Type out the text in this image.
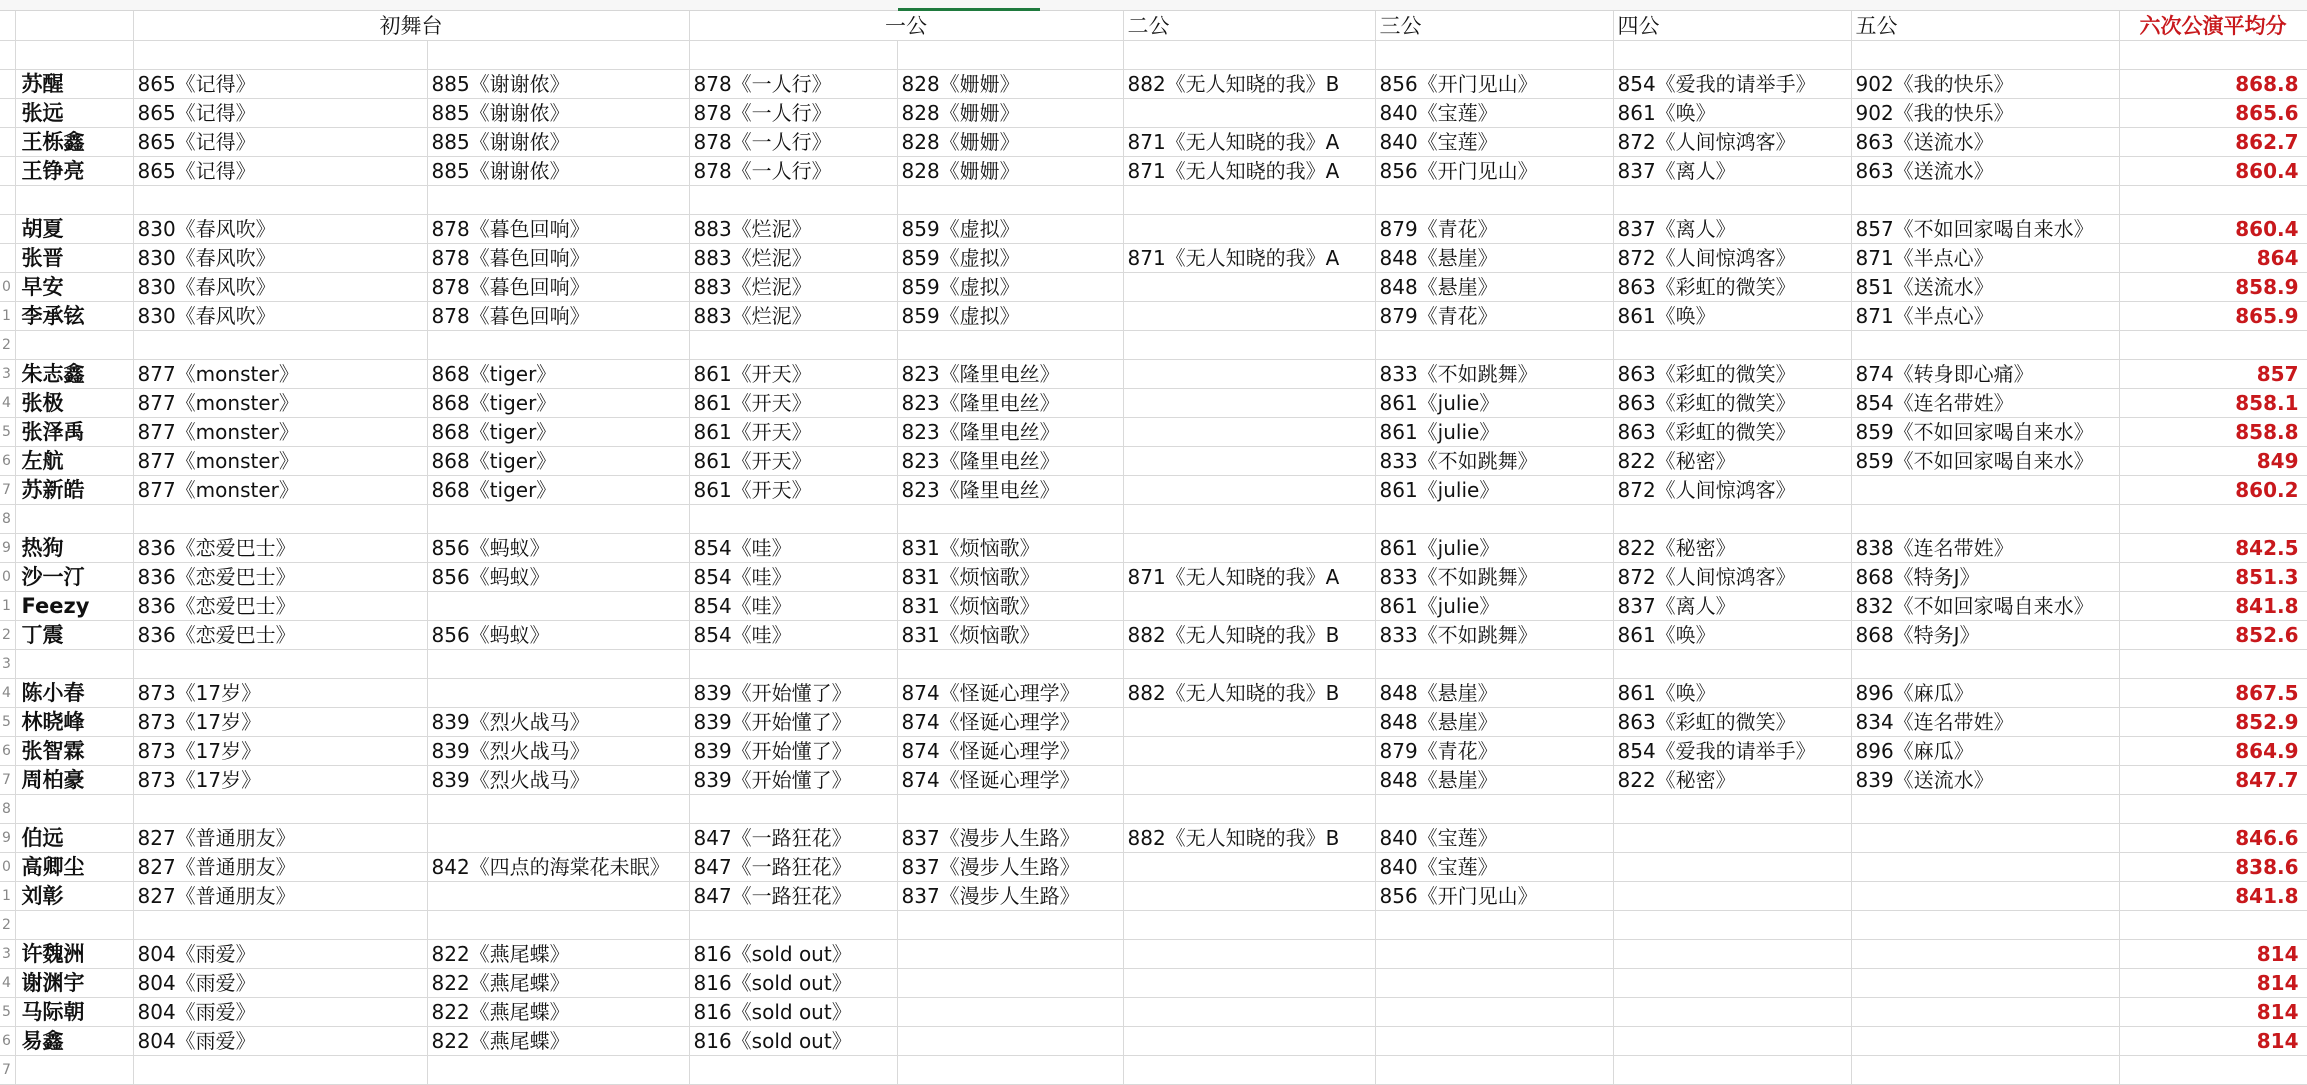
		初舞台		一公		二公	三公	四公	五公	六次公演平均分

	苏醒	865《记得》	885《谢谢侬》	878《一人行》	828《姗姗》	882《无人知晓的我》B	856《开门见山》	854《爱我的请举手》	902《我的快乐》	868.8
	张远	865《记得》	885《谢谢侬》	878《一人行》	828《姗姗》		840《宝莲》	861《唤》	902《我的快乐》	865.6
	王栎鑫	865《记得》	885《谢谢侬》	878《一人行》	828《姗姗》	871《无人知晓的我》A	840《宝莲》	872《人间惊鸿客》	863《送流水》	862.7
	王铮亮	865《记得》	885《谢谢侬》	878《一人行》	828《姗姗》	871《无人知晓的我》A	856《开门见山》	837《离人》	863《送流水》	860.4

	胡夏	830《春风吹》	878《暮色回响》	883《烂泥》	859《虚拟》		879《青花》	837《离人》	857《不如回家喝自来水》	860.4
	张晋	830《春风吹》	878《暮色回响》	883《烂泥》	859《虚拟》	871《无人知晓的我》A	848《悬崖》	872《人间惊鸿客》	871《半点心》	864
0	早安	830《春风吹》	878《暮色回响》	883《烂泥》	859《虚拟》		848《悬崖》	863《彩虹的微笑》	851《送流水》	858.9
1	李承铉	830《春风吹》	878《暮色回响》	883《烂泥》	859《虚拟》		879《青花》	861《唤》	871《半点心》	865.9
2										
3	朱志鑫	877《monster》	868《tiger》	861《开天》	823《隆里电丝》		833《不如跳舞》	863《彩虹的微笑》	874《转身即心痛》	857
4	张极	877《monster》	868《tiger》	861《开天》	823《隆里电丝》		861《julie》	863《彩虹的微笑》	854《连名带姓》	858.1
5	张泽禹	877《monster》	868《tiger》	861《开天》	823《隆里电丝》		861《julie》	863《彩虹的微笑》	859《不如回家喝自来水》	858.8
6	左航	877《monster》	868《tiger》	861《开天》	823《隆里电丝》		833《不如跳舞》	822《秘密》	859《不如回家喝自来水》	849
7	苏新皓	877《monster》	868《tiger》	861《开天》	823《隆里电丝》		861《julie》	872《人间惊鸿客》		860.2
8										
9	热狗	836《恋爱巴士》	856《蚂蚁》	854《哇》	831《烦恼歌》		861《julie》	822《秘密》	838《连名带姓》	842.5
0	沙一汀	836《恋爱巴士》	856《蚂蚁》	854《哇》	831《烦恼歌》	871《无人知晓的我》A	833《不如跳舞》	872《人间惊鸿客》	868《特务J》	851.3
1	Feezy	836《恋爱巴士》		854《哇》	831《烦恼歌》		861《julie》	837《离人》	832《不如回家喝自来水》	841.8
2	丁震	836《恋爱巴士》	856《蚂蚁》	854《哇》	831《烦恼歌》	882《无人知晓的我》B	833《不如跳舞》	861《唤》	868《特务J》	852.6
3										
4	陈小春	873《17岁》		839《开始懂了》	874《怪诞心理学》	882《无人知晓的我》B	848《悬崖》	861《唤》	896《麻瓜》	867.5
5	林晓峰	873《17岁》	839《烈火战马》	839《开始懂了》	874《怪诞心理学》		848《悬崖》	863《彩虹的微笑》	834《连名带姓》	852.9
6	张智霖	873《17岁》	839《烈火战马》	839《开始懂了》	874《怪诞心理学》		879《青花》	854《爱我的请举手》	896《麻瓜》	864.9
7	周柏豪	873《17岁》	839《烈火战马》	839《开始懂了》	874《怪诞心理学》		848《悬崖》	822《秘密》	839《送流水》	847.7
8										
9	伯远	827《普通朋友》		847《一路狂花》	837《漫步人生路》	882《无人知晓的我》B	840《宝莲》			846.6
0	高卿尘	827《普通朋友》	842《四点的海棠花未眠》	847《一路狂花》	837《漫步人生路》		840《宝莲》			838.6
1	刘彰	827《普通朋友》		847《一路狂花》	837《漫步人生路》		856《开门见山》			841.8
2										
3	许魏洲	804《雨爱》	822《燕尾蝶》	816《sold out》						814
4	谢渊宇	804《雨爱》	822《燕尾蝶》	816《sold out》						814
5	马际朝	804《雨爱》	822《燕尾蝶》	816《sold out》						814
6	易鑫	804《雨爱》	822《燕尾蝶》	816《sold out》						814
7										
